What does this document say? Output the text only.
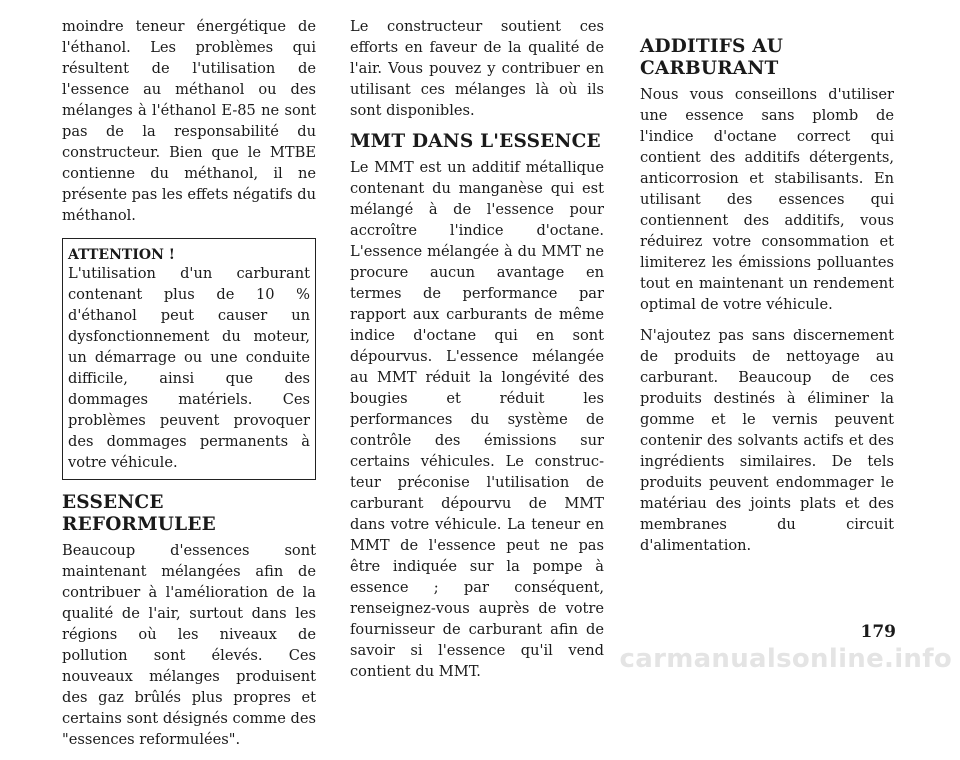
moindre teneur énergétique de l'éthanol. Les problèmes qui résultent de l'utilisation de l'essence au méthanol ou des mélanges à l'éthanol E-85 ne sont pas de la responsabilité du constructeur. Bien que le MTBE contienne du méthanol, il ne présente pas les effets négatifs du méthanol.

ATTENTION !

L'utilisation d'un carburant contenant plus de 10 % d'éthanol peut causer un dysfonctionnement du moteur, un démarrage ou une conduite difficile, ainsi que des dommages matériels. Ces problèmes peuvent provoquer des dommages permanents à votre véhicule.

ESSENCE REFORMULEE

Beaucoup d'essences sont maintenant mélangées afin de contribuer à l'amélioration de la qualité de l'air, surtout dans les régions où les niveaux de pollution sont élevés. Ces nouveaux mélanges produisent des gaz brûlés plus propres et certains sont désignés comme des "essences reformulées".

Le constructeur soutient ces efforts en faveur de la qualité de l'air. Vous pouvez y contribuer en utilisant ces mélanges là où ils sont disponibles.

MMT DANS L'ESSENCE

Le MMT est un additif métallique contenant du manganèse qui est mélangé à de l'essence pour accroître l'indice d'octane. L'essence mélangée à du MMT ne procure aucun avantage en termes de performance par rapport aux carburants de même indice d'octane qui en sont dépourvus. L'essence mélangée au MMT réduit la longévité des bougies et réduit les performances du système de contrôle des émissions sur certains véhicules. Le constructeur préconise l'utilisation de carburant dépourvu de MMT dans votre véhicule. La teneur en MMT de l'essence peut ne pas être indiquée sur la pompe à essence ; par conséquent, renseignez-vous auprès de votre fournisseur de carburant afin de savoir si l'essence qu'il vend contient du MMT.

ADDITIFS AU CARBURANT

Nous vous conseillons d'utiliser une essence sans plomb de l'indice d'octane correct qui contient des additifs détergents, anticorrosion et stabilisants. En utilisant des essences qui contiennent des additifs, vous réduirez votre consommation et limiterez les émissions polluantes tout en maintenant un rendement optimal de votre véhicule.

N'ajoutez pas sans discernement de produits de nettoyage au carburant. Beaucoup de ces produits destinés à éliminer la gomme et le vernis peuvent contenir des solvants actifs et des ingrédients similaires. De tels produits peuvent endommager le matériau des joints plats et des membranes du circuit d'alimentation.

179
carmanualsonline.info
